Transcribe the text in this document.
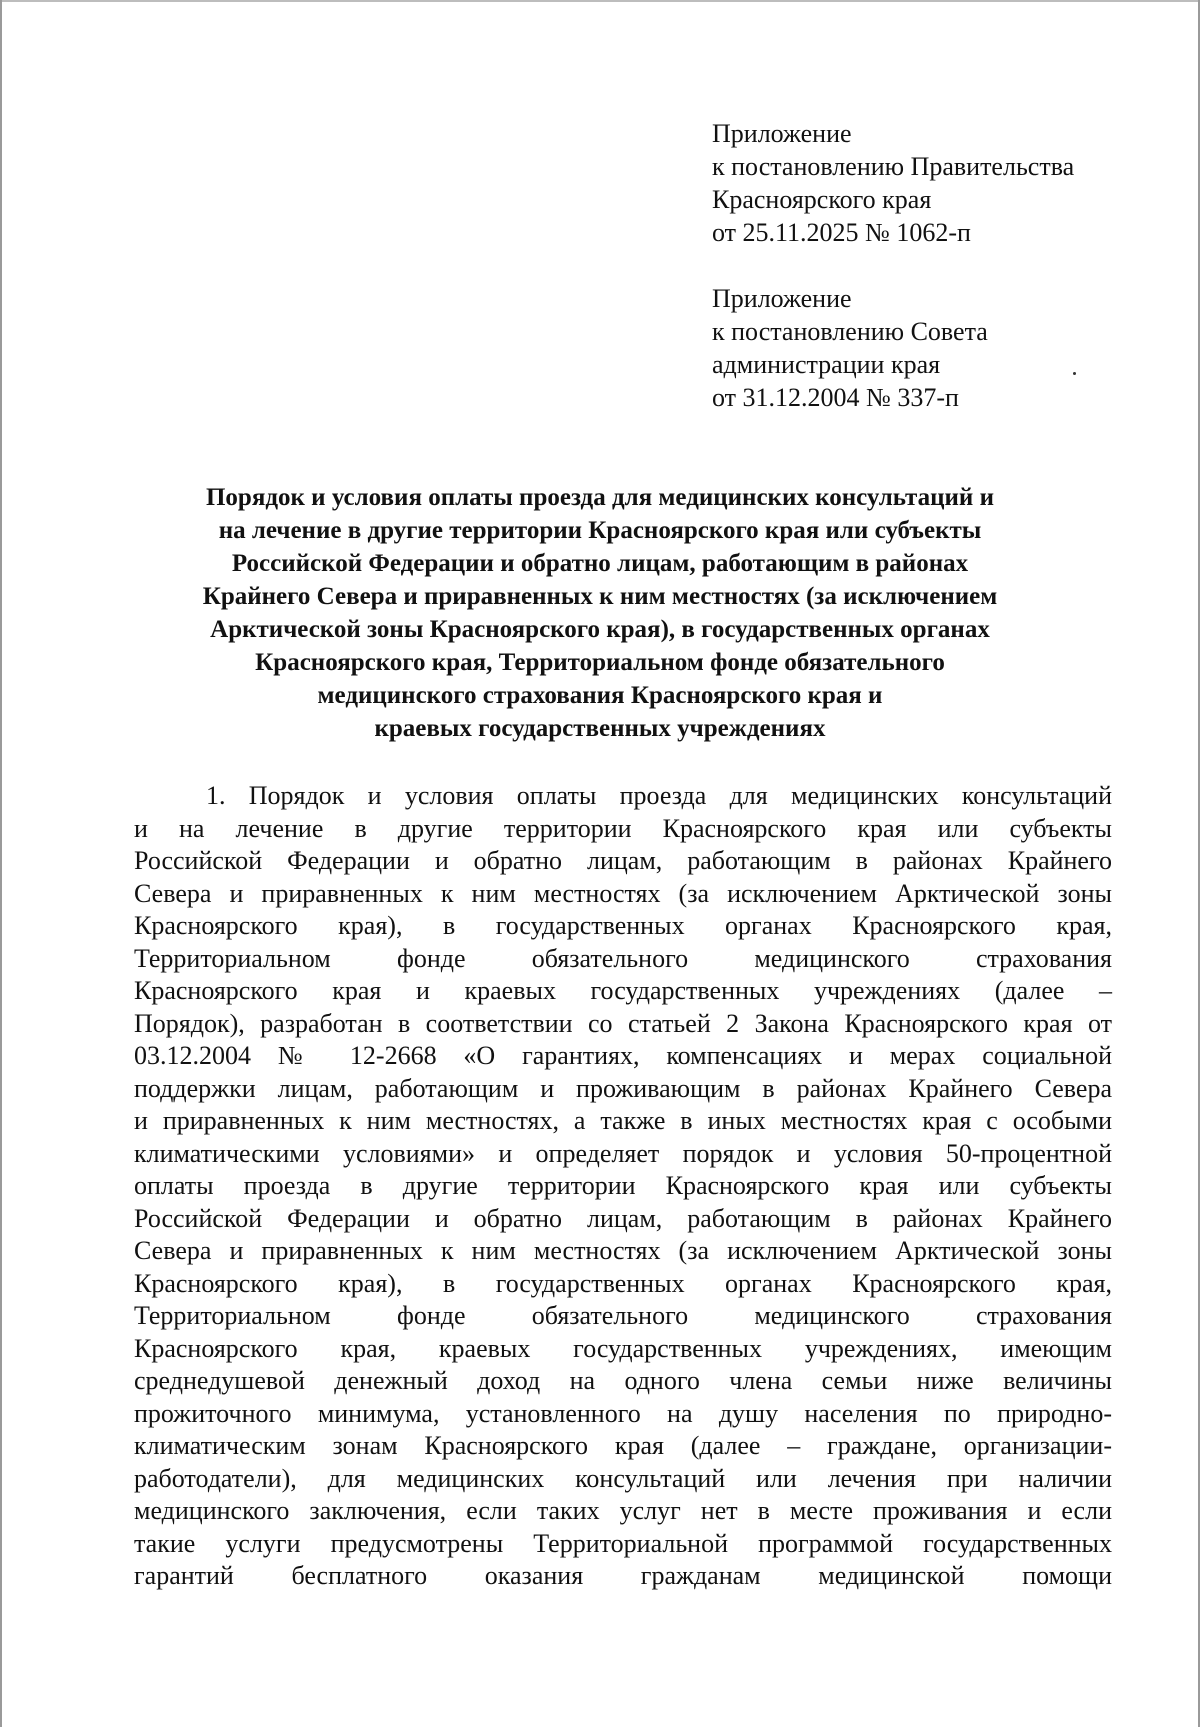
Приложение
к постановлению Правительства
Красноярского края
от 25.11.2025 № 1062-п
Приложение
к постановлению Совета
администрации края
от 31.12.2004 № 337-п
Порядок и условия оплаты проезда для медицинских консультаций и
на лечение в другие территории Красноярского края или субъекты
Российской Федерации и обратно лицам, работающим в районах
Крайнего Севера и приравненных к ним местностях (за исключением
Арктической зоны Красноярского края), в государственных органах
Красноярского края, Территориальном фонде обязательного
медицинского страхования Красноярского края и
краевых государственных учреждениях
1. Порядок и условия оплаты проезда для медицинских консультаций
и на лечение в другие территории Красноярского края или субъекты
Российской Федерации и обратно лицам, работающим в районах Крайнего
Севера и приравненных к ним местностях (за исключением Арктической зоны
Красноярского края), в государственных органах Красноярского края,
Территориальном фонде обязательного медицинского страхования
Красноярского края и краевых государственных учреждениях (далее –
Порядок), разработан в соответствии со статьей 2 Закона Красноярского края от
03.12.2004 № 12-2668 «О гарантиях, компенсациях и мерах социальной
поддержки лицам, работающим и проживающим в районах Крайнего Севера
и приравненных к ним местностях, а также в иных местностях края с особыми
климатическими условиями» и определяет порядок и условия 50-процентной
оплаты проезда в другие территории Красноярского края или субъекты
Российской Федерации и обратно лицам, работающим в районах Крайнего
Севера и приравненных к ним местностях (за исключением Арктической зоны
Красноярского края), в государственных органах Красноярского края,
Территориальном фонде обязательного медицинского страхования
Красноярского края, краевых государственных учреждениях, имеющим
среднедушевой денежный доход на одного члена семьи ниже величины
прожиточного минимума, установленного на душу населения по природно-
климатическим зонам Красноярского края (далее – граждане, организации-
работодатели), для медицинских консультаций или лечения при наличии
медицинского заключения, если таких услуг нет в месте проживания и если
такие услуги предусмотрены Территориальной программой государственных
гарантий бесплатного оказания гражданам медицинской помощи
